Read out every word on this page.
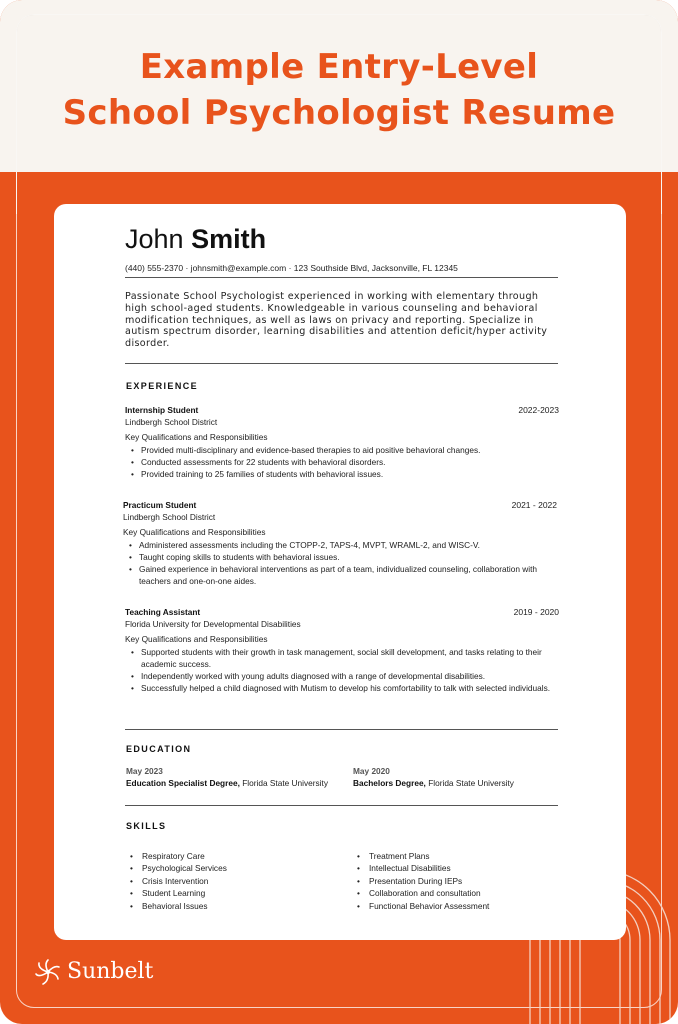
Example Entry-Level
School Psychologist Resume
John Smith
(440) 555-2370 · johnsmith@example.com · 123 Southside Blvd, Jacksonville, FL 12345
Passionate School Psychologist experienced in working with elementary through high school-aged students. Knowledgeable in various counseling and behavioral modification techniques, as well as laws on privacy and reporting. Specialize in autism spectrum disorder, learning disabilities and attention deficit/hyper activity disorder.
EXPERIENCE
Internship Student	2022-2023
Lindbergh School District
Key Qualifications and Responsibilities
• Provided multi-disciplinary and evidence-based therapies to aid positive behavioral changes.
• Conducted assessments for 22 students with behavioral disorders.
• Provided training to 25 families of students with behavioral issues.
Practicum Student	2021 - 2022
Lindbergh School District
Key Qualifications and Responsibilities
• Administered assessments including the CTOPP-2, TAPS-4, MVPT, WRAML-2, and WISC-V.
• Taught coping skills to students with behavioral issues.
• Gained experience in behavioral interventions as part of a team, individualized counseling, collaboration with teachers and one-on-one aides.
Teaching Assistant	2019 - 2020
Florida University for Developmental Disabilities
Key Qualifications and Responsibilities
• Supported students with their growth in task management, social skill development, and tasks relating to their academic success.
• Independently worked with young adults diagnosed with a range of developmental disabilities.
• Successfully helped a child diagnosed with Mutism to develop his comfortability to talk with selected individuals.
EDUCATION
May 2023
Education Specialist Degree, Florida State University
May 2020
Bachelors Degree, Florida State University
SKILLS
• Respiratory Care
• Psychological Services
• Crisis Intervention
• Student Learning
• Behavioral Issues
• Treatment Plans
• Intellectual Disabilities
• Presentation During IEPs
• Collaboration and consultation
• Functional Behavior Assessment
Sunbelt
